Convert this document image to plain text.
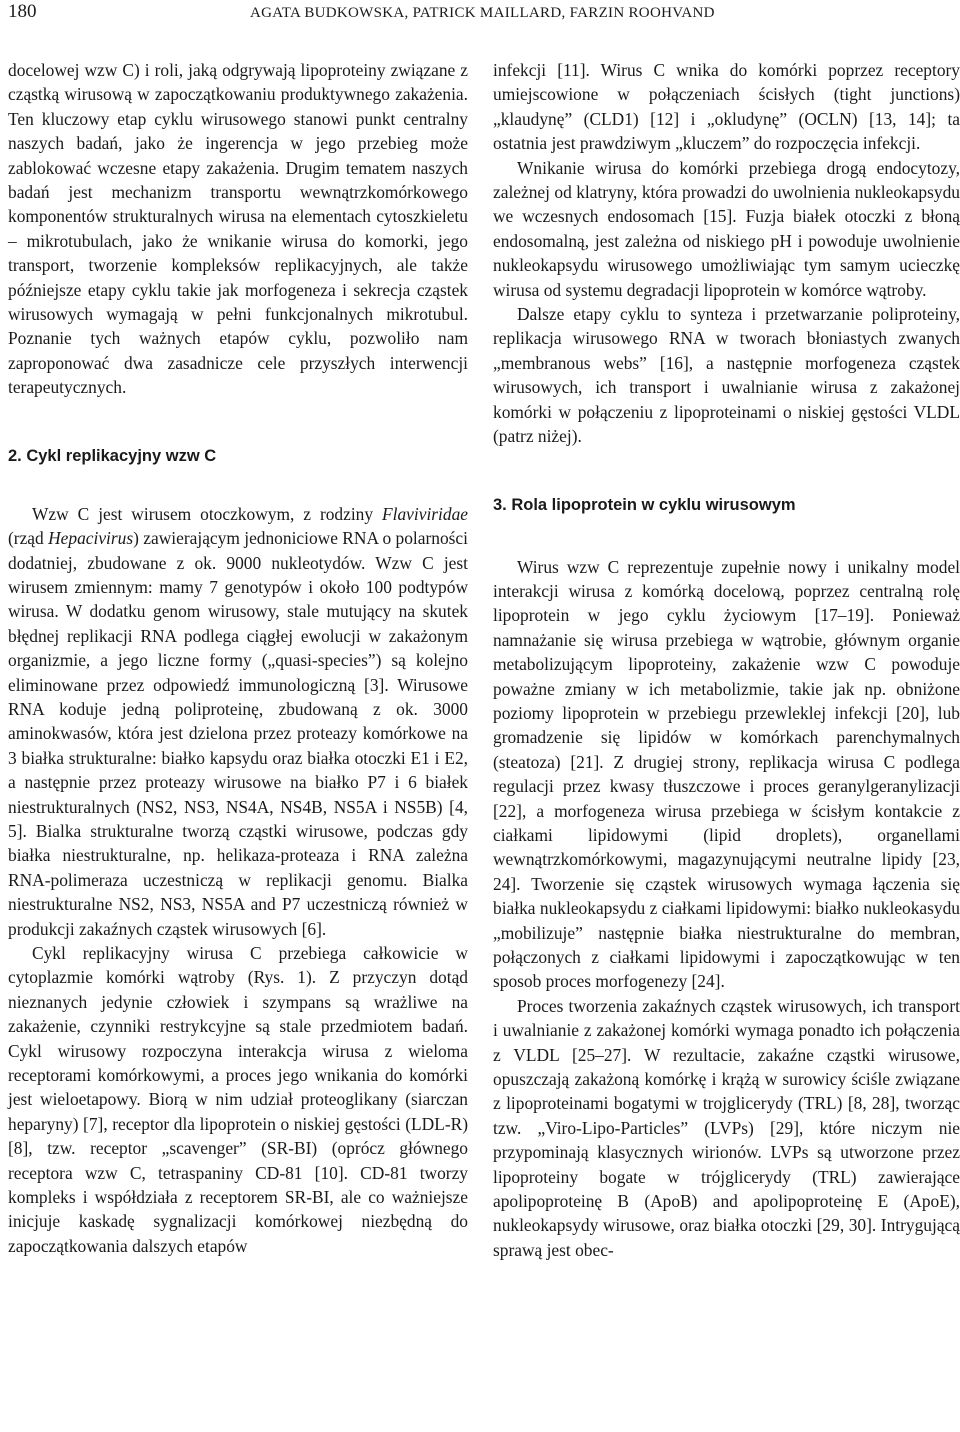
180	AGATA BUDKOWSKA, PATRICK MAILLARD, FARZIN ROOHVAND

docelowej wzw C) i roli, jaką odgrywają lipoproteiny związane z cząstką wirusową w zapoczątkowaniu produktywnego zakażenia. Ten kluczowy etap cyklu wirusowego stanowi punkt centralny naszych badań, jako że ingerencja w jego przebieg może zablokować wczesne etapy zakażenia. Drugim tematem naszych badań jest mechanizm transportu wewnątrzkomórkowego komponentów strukturalnych wirusa na elementach cytoszkieletu – mikrotubulach, jako że wnikanie wirusa do komorki, jego transport, tworzenie kompleksów replikacyjnych, ale także późniejsze etapy cyklu takie jak morfogeneza i sekrecja cząstek wirusowych wymagają w pełni funkcjonalnych mikrotubul. Poznanie tych ważnych etapów cyklu, pozwoliło nam zaproponować dwa zasadnicze cele przyszłych interwencji terapeutycznych.

2. Cykl replikacyjny wzw C

Wzw C jest wirusem otoczkowym, z rodziny Flaviviridae (rząd Hepacivirus) zawierającym jednoniciowe RNA o polarności dodatniej, zbudowane z ok. 9000 nukleotydów. Wzw C jest wirusem zmiennym: mamy 7 genotypów i około 100 podtypów wirusa. W dodatku genom wirusowy, stale mutujący na skutek błędnej replikacji RNA podlega ciągłej ewolucji w zakażonym organizmie, a jego liczne formy („quasi-species”) są kolejno eliminowane przez odpowiedź immunologiczną [3]. Wirusowe RNA koduje jedną poliproteinę, zbudowaną z ok. 3000 aminokwasów, która jest dzielona przez proteazy komórkowe na 3 białka strukturalne: białko kapsydu oraz białka otoczki E1 i E2, a następnie przez proteazy wirusowe na białko P7 i 6 białek niestrukturalnych (NS2, NS3, NS4A, NS4B, NS5A i NS5B) [4, 5]. Bialka strukturalne tworzą cząstki wirusowe, podczas gdy białka niestrukturalne, np. helikaza-proteaza i RNA zależna RNA-polimeraza uczestniczą w replikacji genomu. Bialka niestrukturalne NS2, NS3, NS5A and P7 uczestniczą również w produkcji zakaźnych cząstek wirusowych [6].

Cykl replikacyjny wirusa C przebiega całkowicie w cytoplazmie komórki wątroby (Rys. 1). Z przyczyn dotąd nieznanych jedynie człowiek i szympans są wrażliwe na zakażenie, czynniki restrykcyjne są stale przedmiotem badań. Cykl wirusowy rozpoczyna interakcja wirusa z wieloma receptorami komórkowymi, a proces jego wnikania do komórki jest wieloetapowy. Biorą w nim udział proteoglikany (siarczan heparyny) [7], receptor dla lipoprotein o niskiej gęstości (LDL-R) [8], tzw. receptor „scavenger” (SR-BI) (oprócz głównego receptora wzw C, tetraspaniny CD-81 [10]. CD-81 tworzy kompleks i współdziała z receptorem SR-BI, ale co ważniejsze inicjuje kaskadę sygnalizacji komórkowej niezbędną do zapoczątkowania dalszych etapów

infekcji [11]. Wirus C wnika do komórki poprzez receptory umiejscowione w połączeniach ścisłych (tight junctions) „klaudynę” (CLD1) [12] i „okludynę” (OCLN) [13, 14]; ta ostatnia jest prawdziwym „kluczem” do rozpoczęcia infekcji.

Wnikanie wirusa do komórki przebiega drogą endocytozy, zależnej od klatryny, która prowadzi do uwolnienia nukleokapsydu we wczesnych endosomach [15]. Fuzja białek otoczki z błoną endosomalną, jest zależna od niskiego pH i powoduje uwolnienie nukleokapsydu wirusowego umożliwiając tym samym ucieczkę wirusa od systemu degradacji lipoprotein w komórce wątroby.

Dalsze etapy cyklu to synteza i przetwarzanie poliproteiny, replikacja wirusowego RNA w tworach błoniastych zwanych „membranous webs” [16], a następnie morfogeneza cząstek wirusowych, ich transport i uwalnianie wirusa z zakażonej komórki w połączeniu z lipoproteinami o niskiej gęstości VLDL (patrz niżej).

3. Rola lipoprotein w cyklu wirusowym

Wirus wzw C reprezentuje zupełnie nowy i unikalny model interakcji wirusa z komórką docelową, poprzez centralną rolę lipoprotein w jego cyklu życiowym [17–19]. Ponieważ namnażanie się wirusa przebiega w wątrobie, głównym organie metabolizującym lipoproteiny, zakażenie wzw C powoduje poważne zmiany w ich metabolizmie, takie jak np. obniżone poziomy lipoprotein w przebiegu przewleklej infekcji [20], lub gromadzenie się lipidów w komórkach parenchymalnych (steatoza) [21]. Z drugiej strony, replikacja wirusa C podlega regulacji przez kwasy tłuszczowe i proces geranylgeranylizacji [22], a morfogeneza wirusa przebiega w ścisłym kontakcie z ciałkami lipidowymi (lipid droplets), organellami wewnątrzkomórkowymi, magazynującymi neutralne lipidy [23, 24]. Tworzenie się cząstek wirusowych wymaga łączenia się białka nukleokapsydu z ciałkami lipidowymi: białko nukleokasydu „mobilizuje” następnie białka niestrukturalne do membran, połączonych z ciałkami lipidowymi i zapoczątkowując w ten sposob proces morfogenezy [24].

Proces tworzenia zakaźnych cząstek wirusowych, ich transport i uwalnianie z zakażonej komórki wymaga ponadto ich połączenia z VLDL [25–27]. W rezultacie, zakaźne cząstki wirusowe, opuszczają zakażoną komórkę i krążą w surowicy ściśle związane z lipoproteinami bogatymi w trojglicerydy (TRL) [8, 28], tworząc tzw. „Viro-Lipo-Particles” (LVPs) [29], które niczym nie przypominają klasycznych wirionów. LVPs są utworzone przez lipoproteiny bogate w trójglicerydy (TRL) zawierające apolipoproteinę B (ApoB) and apolipoproteinę E (ApoE), nukleokapsydy wirusowe, oraz białka otoczki [29, 30]. Intrygującą sprawą jest obec-
